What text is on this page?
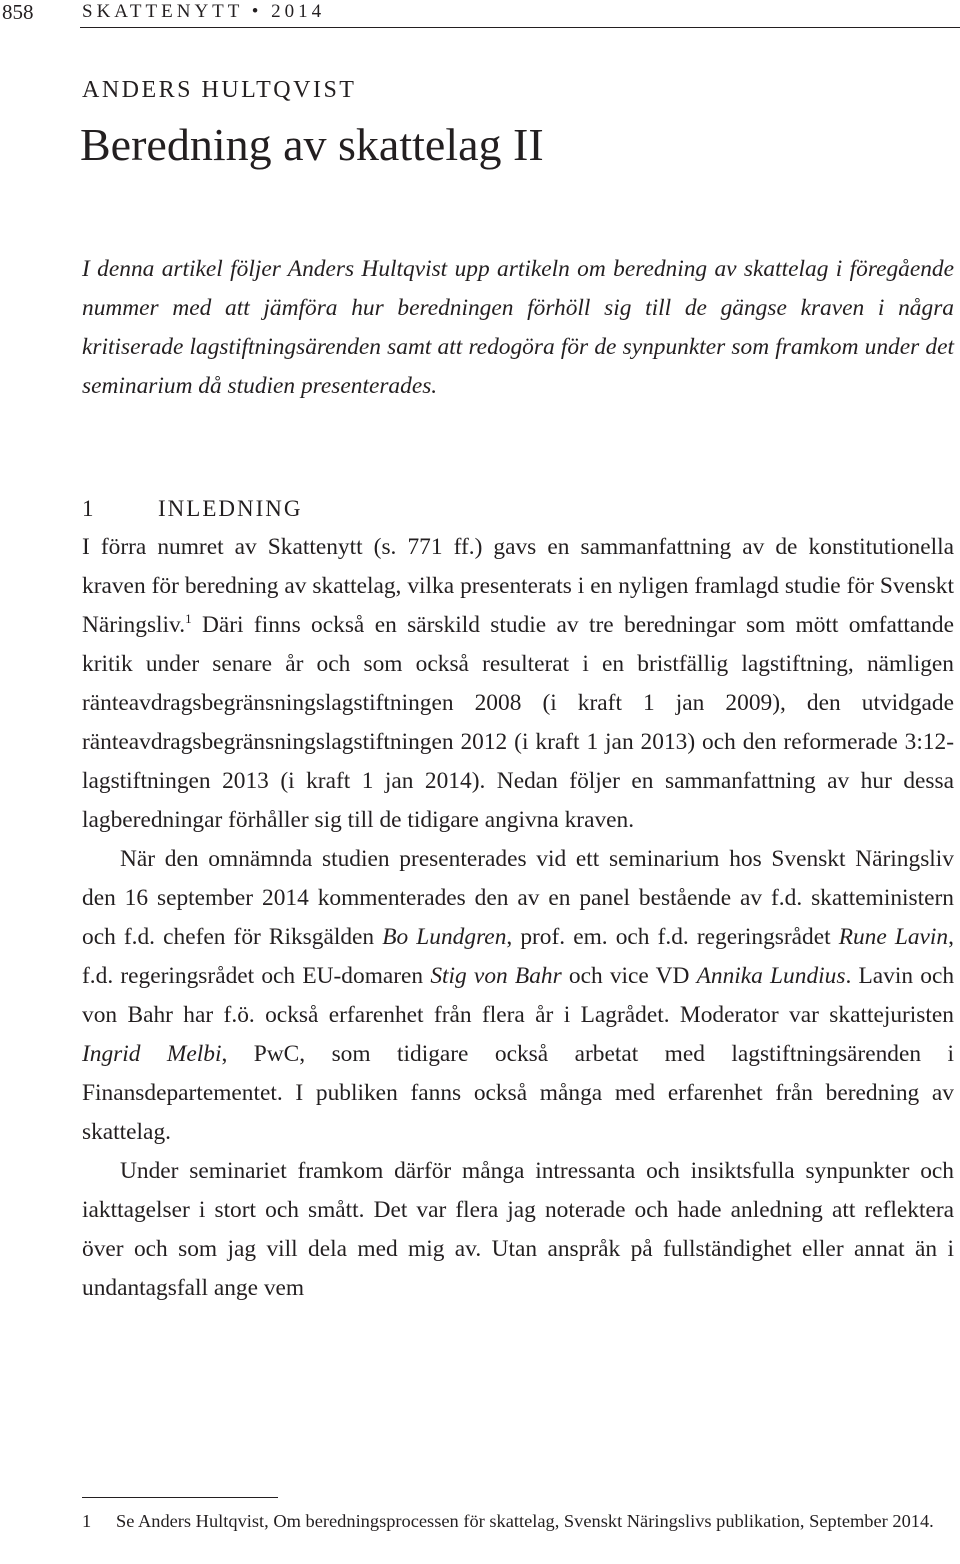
858	SKATTENYTT • 2014
ANDERS HULTQVIST
Beredning av skattelag II
I denna artikel följer Anders Hultqvist upp artikeln om beredning av skattelag i föregående nummer med att jämföra hur beredningen förhöll sig till de gängse kraven i några kritiserade lagstiftningsärenden samt att redogöra för de synpunkter som framkom under det seminarium då studien presenterades.
1	INLEDNING

I förra numret av Skattenytt (s. 771 ff.) gavs en sammanfattning av de konstitutionella kraven för beredning av skattelag, vilka presenterats i en nyligen framlagd studie för Svenskt Näringsliv.$^1$ Däri finns också en särskild studie av tre beredningar som mött omfattande kritik under senare år och som också resulterat i en bristfällig lagstiftning, nämligen ränteavdragsbegränsningslagstiftningen 2008 (i kraft 1 jan 2009), den utvidgade ränteavdragsbegränsningslagstiftningen 2012 (i kraft 1 jan 2013) och den reformerade 3:12-lagstiftningen 2013 (i kraft 1 jan 2014). Nedan följer en sammanfattning av hur dessa lagberedningar förhåller sig till de tidigare angivna kraven.

När den omnämnda studien presenterades vid ett seminarium hos Svenskt Näringsliv den 16 september 2014 kommenterades den av en panel bestående av f.d. skatteministern och f.d. chefen för Riksgälden Bo Lundgren, prof. em. och f.d. regeringsrådet Rune Lavin, f.d. regeringsrådet och EU-domaren Stig von Bahr och vice VD Annika Lundius. Lavin och von Bahr har f.ö. också erfarenhet från flera år i Lagrådet. Moderator var skattejuristen Ingrid Melbi, PwC, som tidigare också arbetat med lagstiftningsärenden i Finansdepartementet. I publiken fanns också många med erfarenhet från beredning av skattelag.

Under seminariet framkom därför många intressanta och insiktsfulla synpunkter och iakttagelser i stort och smått. Det var flera jag noterade och hade anledning att reflektera över och som jag vill dela med mig av. Utan anspråk på fullständighet eller annat än i undantagsfall ange vem

1 Se Anders Hultqvist, Om beredningsprocessen för skattelag, Svenskt Näringslivs publikation, September 2014.
